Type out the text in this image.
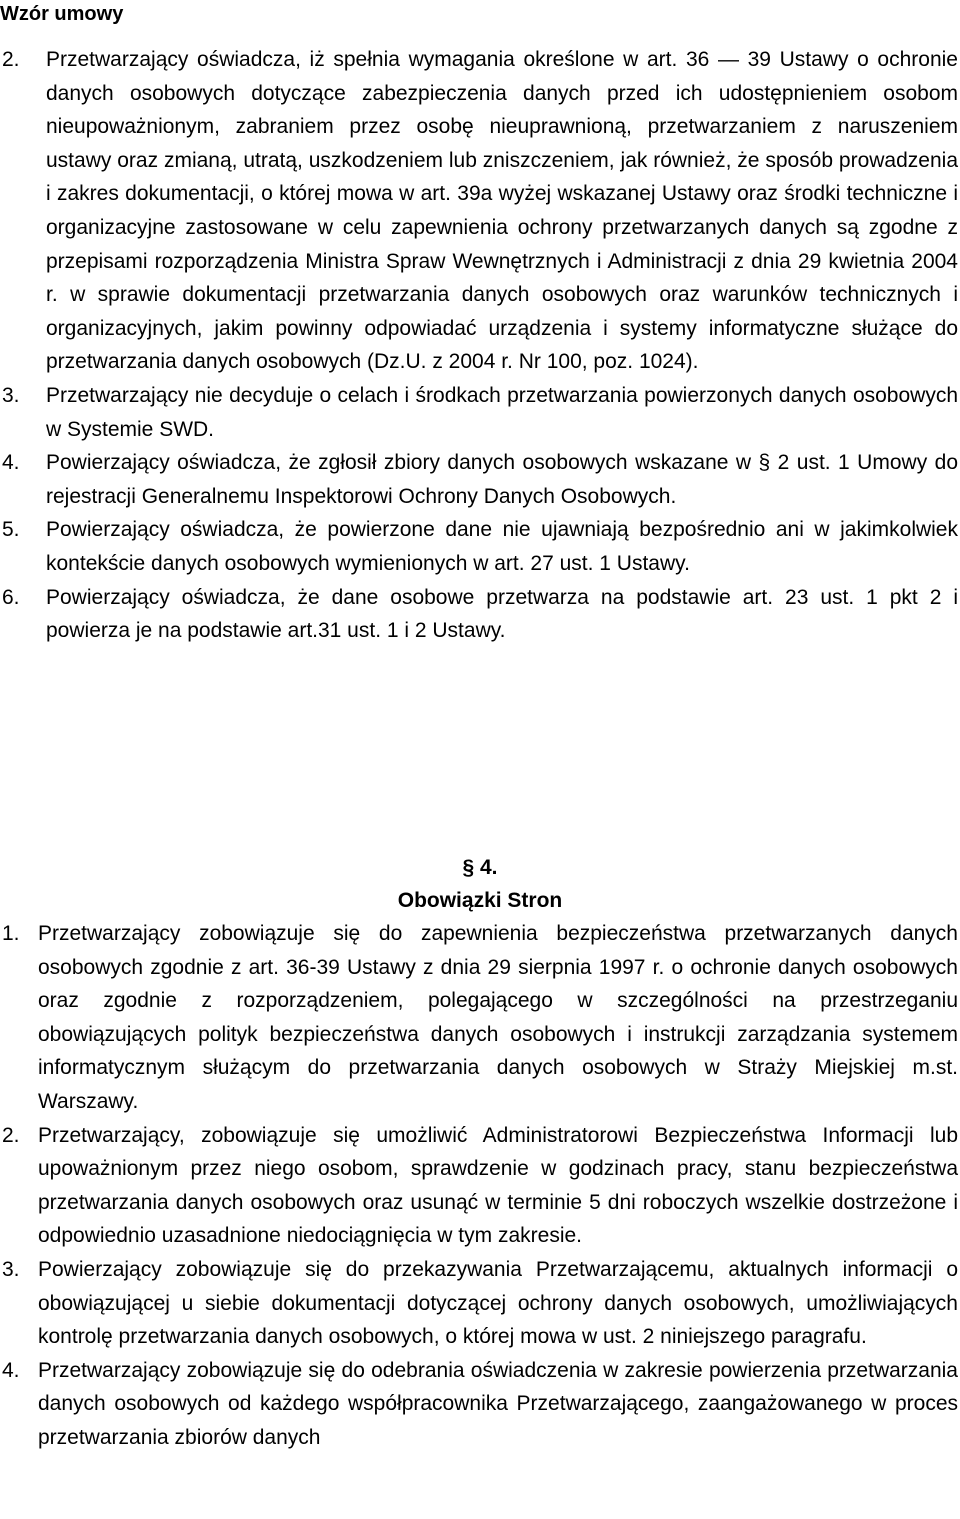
Wzór umowy
2. Przetwarzający oświadcza, iż spełnia wymagania określone w art. 36 — 39 Ustawy o ochronie danych osobowych dotyczące zabezpieczenia danych przed ich udostępnieniem osobom nieupoważnionym, zabraniem przez osobę nieuprawnioną, przetwarzaniem z naruszeniem ustawy oraz zmianą, utratą, uszkodzeniem lub zniszczeniem, jak również, że sposób prowadzenia i zakres dokumentacji, o której mowa w art. 39a wyżej wskazanej Ustawy oraz środki techniczne i organizacyjne zastosowane w celu zapewnienia ochrony przetwarzanych danych są zgodne z przepisami rozporządzenia Ministra Spraw Wewnętrznych i Administracji z dnia 29 kwietnia 2004 r. w sprawie dokumentacji przetwarzania danych osobowych oraz warunków technicznych i organizacyjnych, jakim powinny odpowiadać urządzenia i systemy informatyczne służące do przetwarzania danych osobowych (Dz.U. z 2004 r. Nr 100, poz. 1024).
3. Przetwarzający nie decyduje o celach i środkach przetwarzania powierzonych danych osobowych w Systemie SWD.
4. Powierzający oświadcza, że zgłosił zbiory danych osobowych wskazane w § 2 ust. 1 Umowy do rejestracji Generalnemu Inspektorowi Ochrony Danych Osobowych.
5. Powierzający oświadcza, że powierzone dane nie ujawniają bezpośrednio ani w jakimkolwiek kontekście danych osobowych wymienionych w art. 27 ust. 1 Ustawy.
6. Powierzający oświadcza, że dane osobowe przetwarza na podstawie art. 23 ust. 1 pkt 2 i powierza je na podstawie art.31 ust. 1 i 2 Ustawy.
§ 4.
Obowiązki Stron
1. Przetwarzający zobowiązuje się do zapewnienia bezpieczeństwa przetwarzanych danych osobowych zgodnie z art. 36-39 Ustawy z dnia 29 sierpnia 1997 r. o ochronie danych osobowych oraz zgodnie z rozporządzeniem, polegającego w szczególności na przestrzeganiu obowiązujących polityk bezpieczeństwa danych osobowych i instrukcji zarządzania systemem informatycznym służącym do przetwarzania danych osobowych w Straży Miejskiej m.st. Warszawy.
2. Przetwarzający, zobowiązuje się umożliwić Administratorowi Bezpieczeństwa Informacji lub upoważnionym przez niego osobom, sprawdzenie w godzinach pracy, stanu bezpieczeństwa przetwarzania danych osobowych oraz usunąć w terminie 5 dni roboczych wszelkie dostrzeżone i odpowiednio uzasadnione niedociągnięcia w tym zakresie.
3. Powierzający zobowiązuje się do przekazywania Przetwarzającemu, aktualnych informacji o obowiązującej u siebie dokumentacji dotyczącej ochrony danych osobowych, umożliwiających kontrolę przetwarzania danych osobowych, o której mowa w ust. 2 niniejszego paragrafu.
4. Przetwarzający zobowiązuje się do odebrania oświadczenia w zakresie powierzenia przetwarzania danych osobowych od każdego współpracownika Przetwarzającego, zaangażowanego w proces przetwarzania zbiorów danych
